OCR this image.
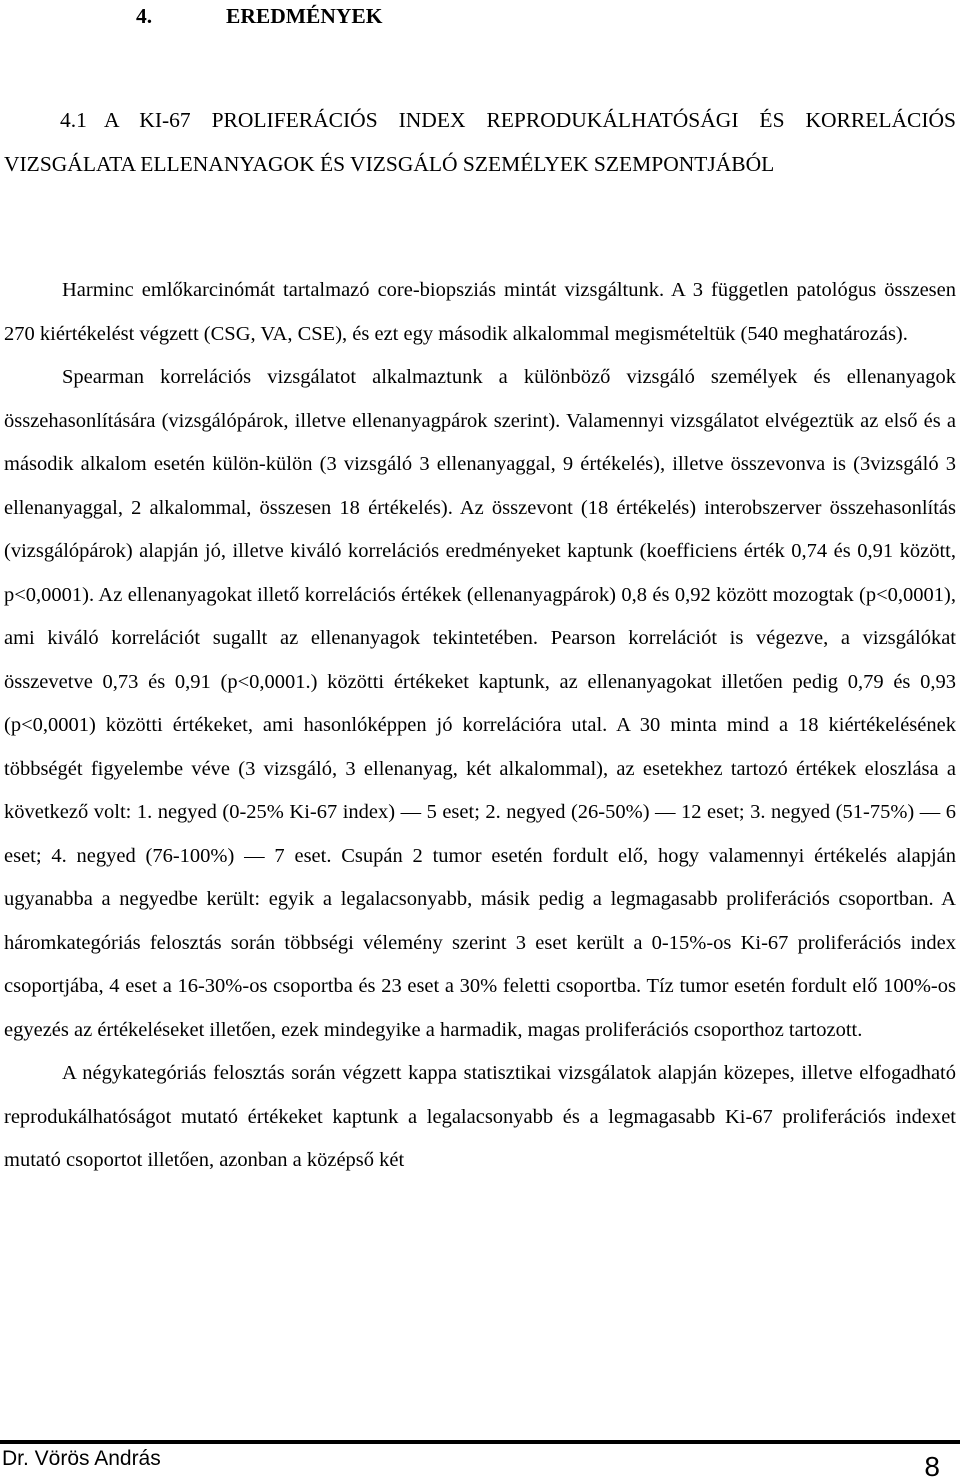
4.	EREDMÉNYEK
4.1 A KI-67 PROLIFERÁCIÓS INDEX REPRODUKÁLHATÓSÁGI ÉS KORRELÁCIÓS VIZSGÁLATA ELLENANYAGOK ÉS VIZSGÁLÓ SZEMÉLYEK SZEMPONTJÁBÓL

Harminc emlőkarcinómát tartalmazó core-biopsziás mintát vizsgáltunk. A 3 független patológus összesen 270 kiértékelést végzett (CSG, VA, CSE), és ezt egy második alkalommal megismételtük (540 meghatározás).

Spearman korrelációs vizsgálatot alkalmaztunk a különböző vizsgáló személyek és ellenanyagok összehasonlítására (vizsgálópárok, illetve ellenanyagpárok szerint). Valamennyi vizsgálatot elvégeztük az első és a második alkalom esetén külön-külön (3 vizsgáló 3 ellenanyaggal, 9 értékelés), illetve összevonva is (3vizsgáló 3 ellenanyaggal, 2 alkalommal, összesen 18 értékelés). Az összevont (18 értékelés) interobszerver összehasonlítás (vizsgálópárok) alapján jó, illetve kiváló korrelációs eredményeket kaptunk (koefficiens érték 0,74 és 0,91 között, p<0,0001). Az ellenanyagokat illető korrelációs értékek (ellenanyagpárok) 0,8 és 0,92 között mozogtak (p<0,0001), ami kiváló korrelációt sugallt az ellenanyagok tekintetében. Pearson korrelációt is végezve, a vizsgálókat összevetve 0,73 és 0,91 (p<0,0001.) közötti értékeket kaptunk, az ellenanyagokat illetően pedig 0,79 és 0,93 (p<0,0001) közötti értékeket, ami hasonlóképpen jó korrelációra utal. A 30 minta mind a 18 kiértékelésének többségét figyelembe véve (3 vizsgáló, 3 ellenanyag, két alkalommal), az esetekhez tartozó értékek eloszlása a következő volt: 1. negyed (0-25% Ki-67 index) — 5 eset; 2. negyed (26-50%) — 12 eset; 3. negyed (51-75%) — 6 eset; 4. negyed (76-100%) — 7 eset. Csupán 2 tumor esetén fordult elő, hogy valamennyi értékelés alapján ugyanabba a negyedbe került: egyik a legalacsonyabb, másik pedig a legmagasabb proliferációs csoportban. A háromkategóriás felosztás során többségi vélemény szerint 3 eset került a 0-15%-os Ki-67 proliferációs index csoportjába, 4 eset a 16-30%-os csoportba és 23 eset a 30% feletti csoportba. Tíz tumor esetén fordult elő 100%-os egyezés az értékeléseket illetően, ezek mindegyike a harmadik, magas proliferációs csoporthoz tartozott.

A négykategóriás felosztás során végzett kappa statisztikai vizsgálatok alapján közepes, illetve elfogadható reprodukálhatóságot mutató értékeket kaptunk a legalacsonyabb és a legmagasabb Ki-67 proliferációs indexet mutató csoportot illetően, azonban a középső két

Dr. Vörös András	8
